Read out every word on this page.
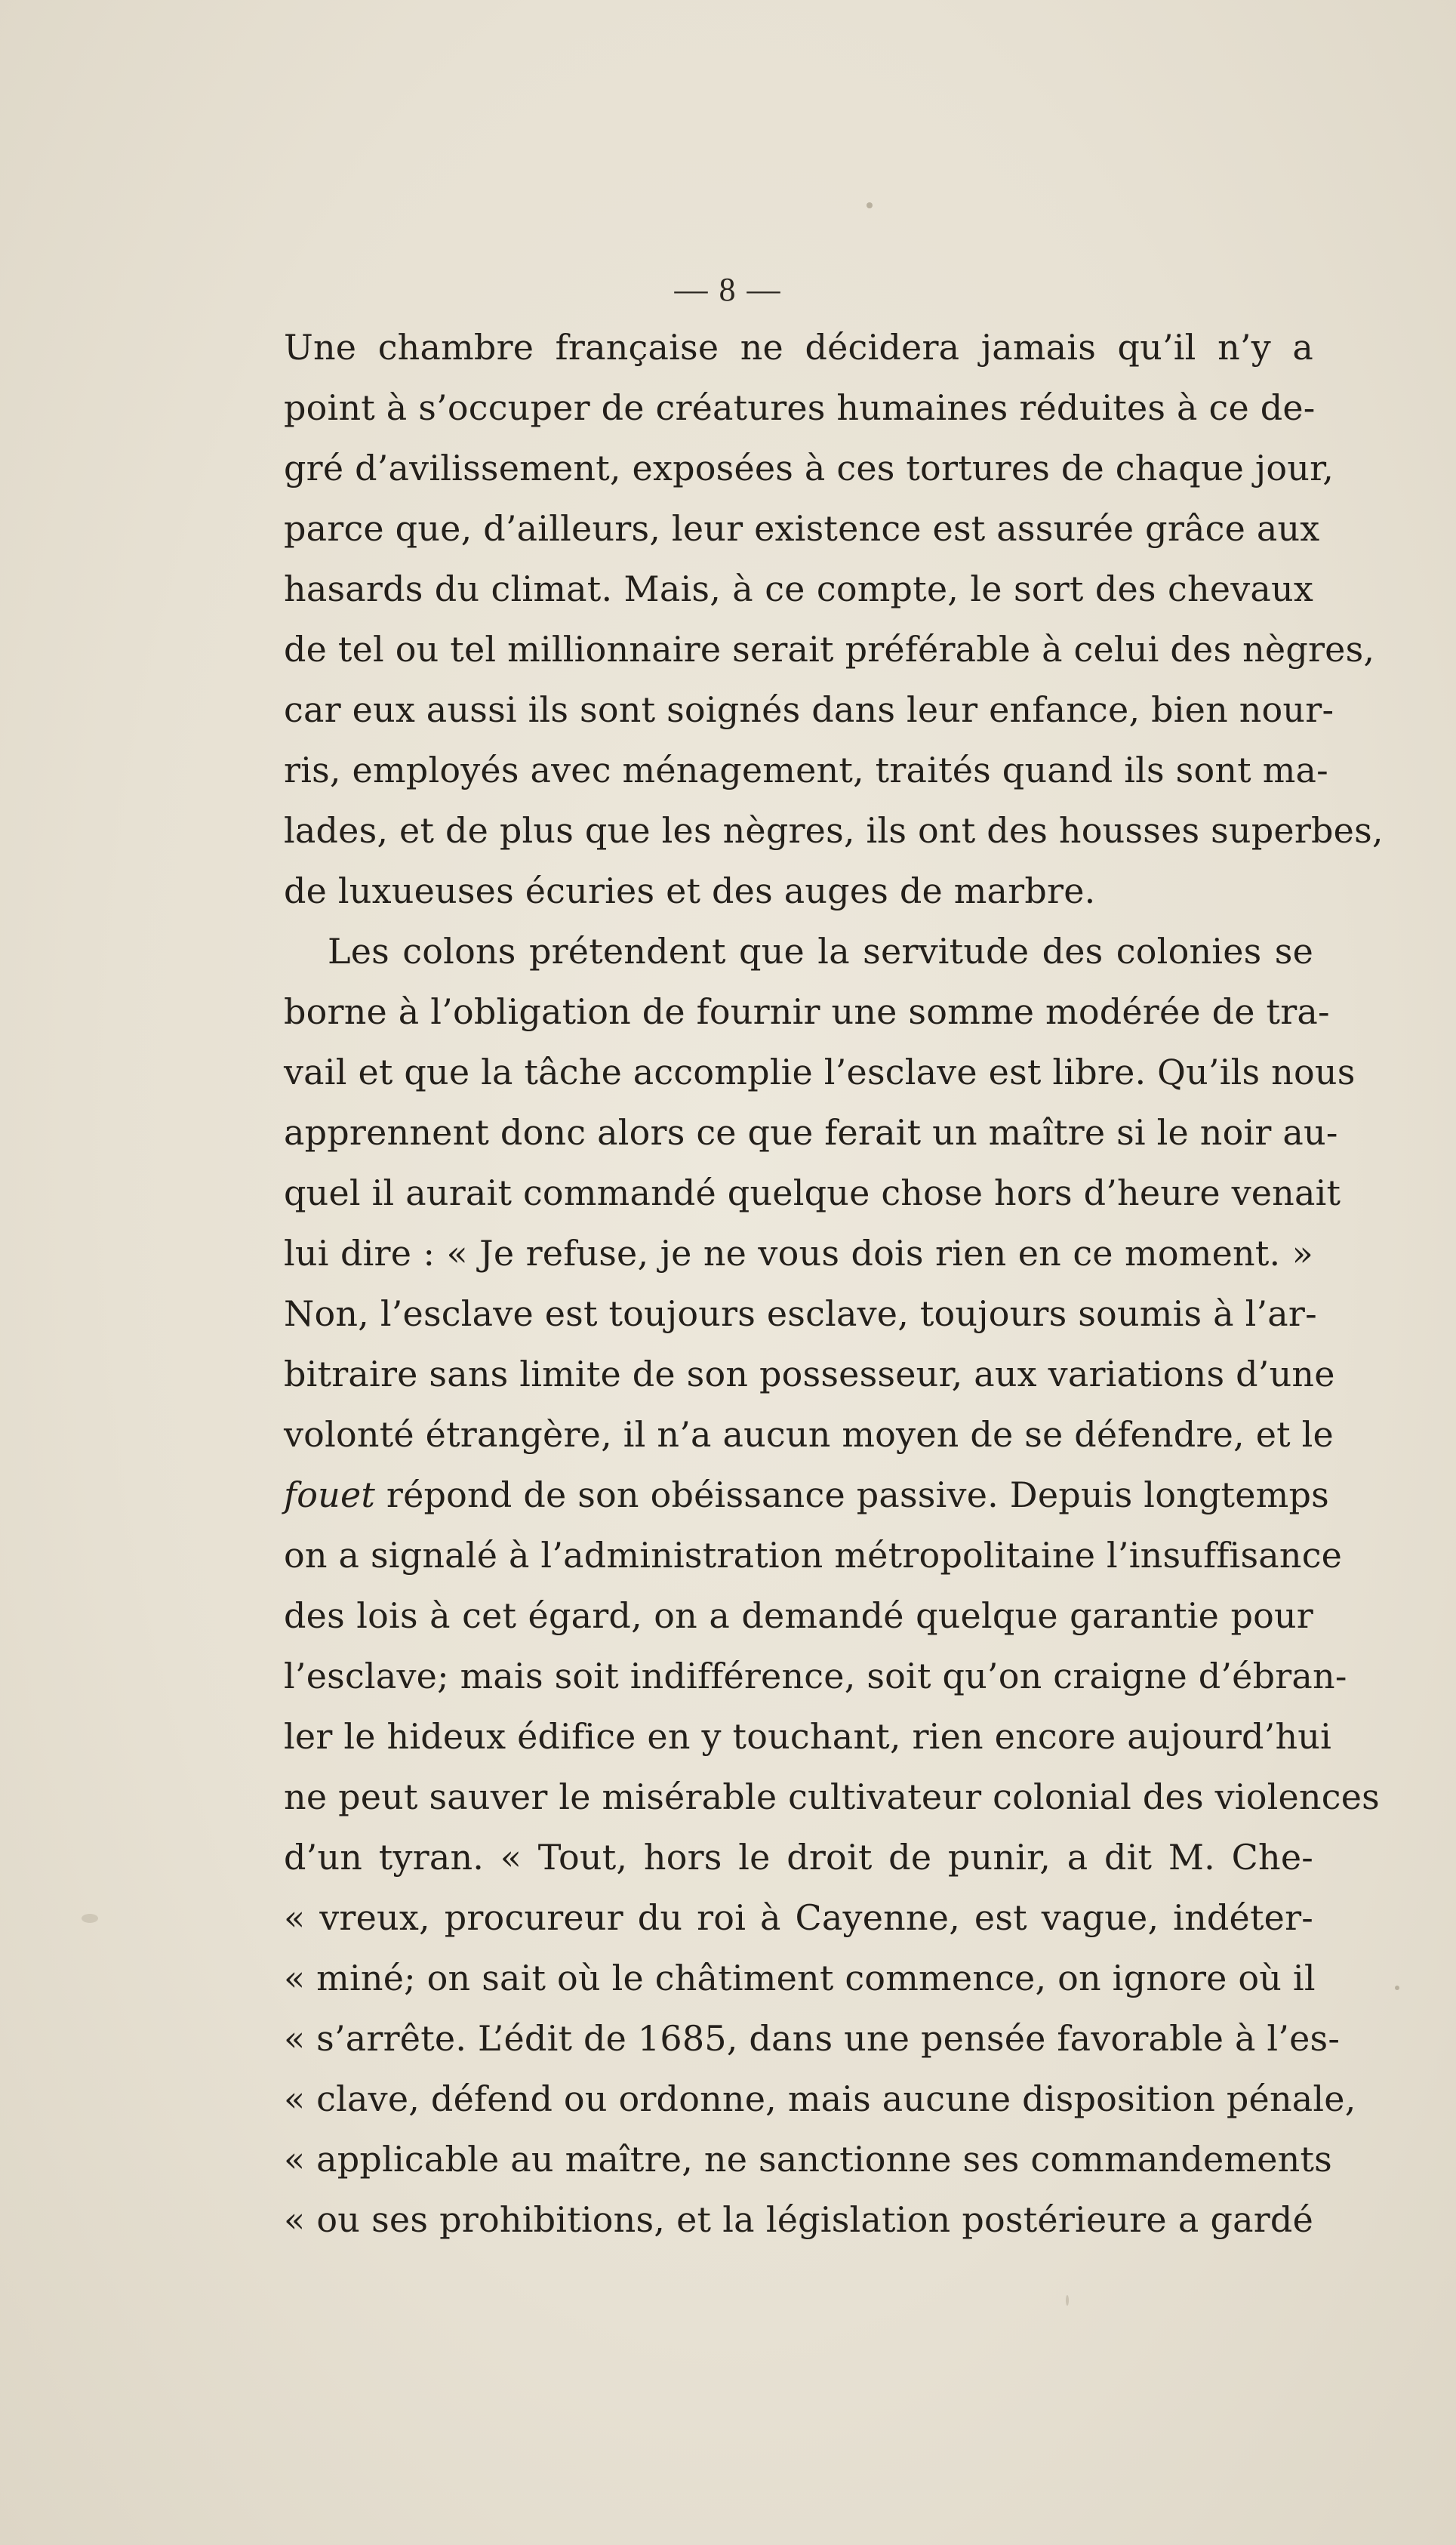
— 8 —
Une chambre française ne décidera jamais qu’il n’y a
point à s’occuper de créatures humaines réduites à ce de-
gré d’avilissement, exposées à ces tortures de chaque jour,
parce que, d’ailleurs, leur existence est assurée grâce aux
hasards du climat. Mais, à ce compte, le sort des chevaux
de tel ou tel millionnaire serait préférable à celui des nègres,
car eux aussi ils sont soignés dans leur enfance, bien nour-
ris, employés avec ménagement, traités quand ils sont ma-
lades, et de plus que les nègres, ils ont des housses superbes,
de luxueuses écuries et des auges de marbre.
Les colons prétendent que la servitude des colonies se
borne à l’obligation de fournir une somme modérée de tra-
vail et que la tâche accomplie l’esclave est libre. Qu’ils nous
apprennent donc alors ce que ferait un maître si le noir au-
quel il aurait commandé quelque chose hors d’heure venait
lui dire : « Je refuse, je ne vous dois rien en ce moment. »
Non, l’esclave est toujours esclave, toujours soumis à l’ar-
bitraire sans limite de son possesseur, aux variations d’une
volonté étrangère, il n’a aucun moyen de se défendre, et le
fouet répond de son obéissance passive. Depuis longtemps
on a signalé à l’administration métropolitaine l’insuffisance
des lois à cet égard, on a demandé quelque garantie pour
l’esclave; mais soit indifférence, soit qu’on craigne d’ébran-
ler le hideux édifice en y touchant, rien encore aujourd’hui
ne peut sauver le misérable cultivateur colonial des violences
d’un tyran. « Tout, hors le droit de punir, a dit M. Che-
« vreux, procureur du roi à Cayenne, est vague, indéter-
« miné; on sait où le châtiment commence, on ignore où il
« s’arrête. L’édit de 1685, dans une pensée favorable à l’es-
« clave, défend ou ordonne, mais aucune disposition pénale,
« applicable au maître, ne sanctionne ses commandements
« ou ses prohibitions, et la législation postérieure a gardé
